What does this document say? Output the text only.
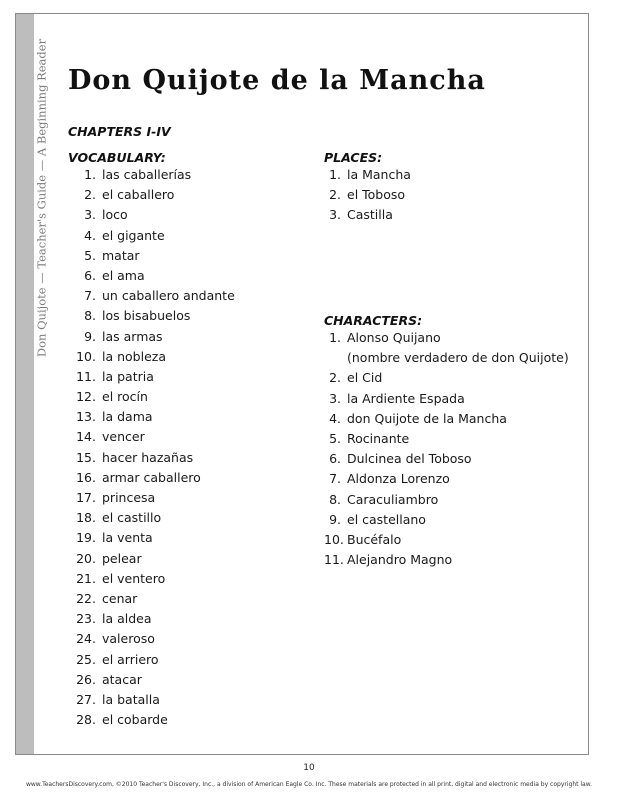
Don Quijote — Teacher's Guide — A Beginning Reader Don Quijote de la Mancha
CHAPTERS I-IV
VOCABULARY:
1. las caballerías
2. el caballero
3. loco
4. el gigante
5. matar
6. el ama
7. un caballero andante
8. los bisabuelos
9. las armas
10. la nobleza
11. la patria
12. el rocín
13. la dama
14. vencer
15. hacer hazañas
16. armar caballero
17. princesa
18. el castillo
19. la venta
20. pelear
21. el ventero
22. cenar
23. la aldea
24. valeroso
25. el arriero
26. atacar
27. la batalla
28. el cobarde
PLACES:
1. la Mancha
2. el Toboso
3. Castilla
CHARACTERS:
1. Alonso Quijano
(nombre verdadero de don Quijote)
2. el Cid
3. la Ardiente Espada
4. don Quijote de la Mancha
5. Rocinante
6. Dulcinea del Toboso
7. Aldonza Lorenzo
8. Caraculiambro
9. el castellano
10. Bucéfalo
11. Alejandro Magno
10
www.TeachersDiscovery.com, ©2010 Teacher's Discovery, Inc., a division of American Eagle Co. Inc. These materials are protected in all print, digital and electronic media by copyright law.
